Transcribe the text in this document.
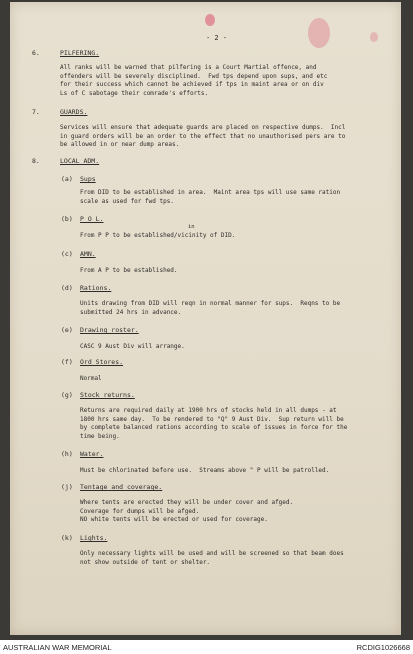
- 2 -
6.	PILFERING.
All ranks will be warned that pilfering is a Court Martial offence, and
offenders will be severely disciplined.  Fwd tps depend upon sups, and etc
for their success which cannot be achieved if tps in maint area or on div
Ls of C sabotage their comrade's efforts.
7.	GUARDS.
Services will ensure that adequate guards are placed on respective dumps.  Incl
in guard orders will be an order to the effect that no unauthorised pers are to
be allowed in or near dump areas.
8.	LOCAL ADM.
(a) Sups
From DID to be established in area.  Maint area tps will use same ration
scale as used for fwd tps.
(b) P O L.
in
From P P to be established/vicinity of DID.
(c) AMN.
From A P to be established.
(d) Rations.
Units drawing from DID will reqn in normal manner for sups.  Reqns to be
submitted 24 hrs in advance.
(e) Drawing roster.
CASC 9 Aust Div will arrange.
(f) Ord Stores.
Normal
(g) Stock returns.
Returns are required daily at 1900 hrs of stocks held in all dumps - at
1800 hrs same day.  To be rendered to "Q" 9 Aust Div.  Sup return will be
by complete balanced rations according to scale of issues in force for the
time being.
(h) Water.
Must be chlorinated before use.  Streams above " P will be patrolled.
(j) Tentage and coverage.
Where tents are erected they will be under cover and afged.
Coverage for dumps will be afged.
NO white tents will be erected or used for coverage.
(k) Lights.
Only necessary lights will be used and will be screened so that beam does
not show outside of tent or shelter.
AUSTRALIAN WAR MEMORIAL	RCDIG1026668
